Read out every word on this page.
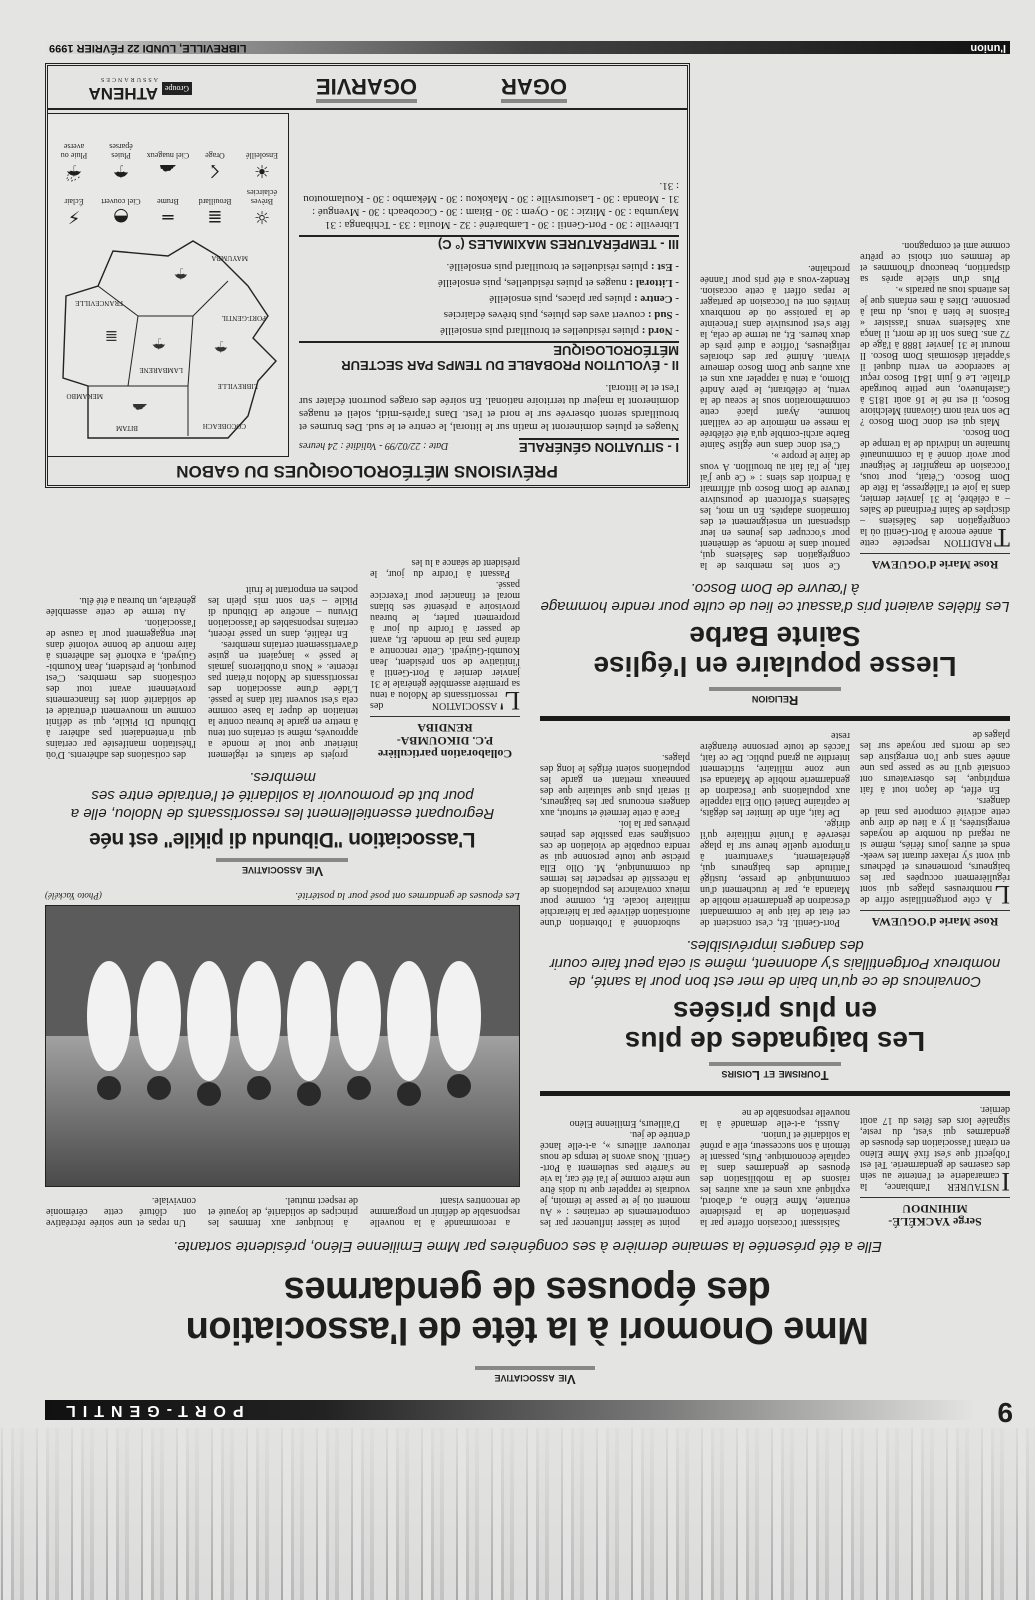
9
PORT-GENTIL
Vie associative
Mme Onomori à la tête de l'association
des épouses de gendarmes
Elle a été présentée la semaine dernière à ses congénères par Mme Emilienne Eléno, présidente sortante.
Serge YACKÉLÉ-MIHINDOU

INSTAURER l'ambiance, la camaraderie et l'entente au sein des casernes de gendarmerie. Tel est l'objectif que s'est fixé Mme Eléno en créant l'association des épouses de gendarmes qui s'est, du reste, signalée lors des fêtes du 17 août dernier.

Saisissant l'occasion offerte par la présentation de la présidente entrante, Mme Eléno a, d'abord, expliqué aux unes et aux autres les raisons de la mobilisation des épouses de gendarmes dans la capitale économique. Puis, passant le témoin à son successeur, elle a prôné la solidarité et l'union.

Aussi, a-t-elle demandé à la nouvelle responsable de ne

point se laisser influencer par les comportements de certaines : « Au moment où je te passe le témoin, je voudrais te rappeler que tu dois être une mère comme je l'ai été car, la vie ne s'arrête pas seulement à Port-Gentil. Nous avons le temps de nous retrouver ailleurs », a-t-elle lancé d'entrée de jeu.

D'ailleurs, Emilienne Eléno

Tourisme et Loisirs
Les baignades de plus
en plus prisées
Convaincus de ce qu'un bain de mer est bon pour la santé, de nombreux Portgentillais s'y adonnent, même si cela peut faire courir des dangers imprévisibles.
Rose Marie d'OGUEWA

LA côte portgentillaise offre de nombreuses plages qui sont régulièrement occupées par les baigneurs, promeneurs et pêcheurs qui vont s'y relaxer durant les week-ends et autres jours fériés, même si au regard du nombre de noyades enregistrées, il y a lieu de dire que cette activité comporte pas mal de dangers.

En effet, de façon tout à fait empirique, les observateurs ont constaté qu'il ne se passe pas une année sans que l'on enregistre des cas de morts par noyade sur les plages de

Port-Gentil. Et, c'est conscient de cet état de fait que le commandant d'escadron de gendarmerie mobile de Matanda a, par le truchement d'un communiqué de presse, fustigé l'attitude des baigneurs qui, généralement, s'aventurent à n'importe quelle heure sur la plage réservée à l'unité militaire qu'il dirige.

De fait, afin de limiter les dégâts, le capitaine Daniel Ollo Ella rappelle aux populations que l'escadron de gendarmerie mobile de Matanda est une zone militaire, strictement interdite au grand public. De ce fait, l'accès de toute personne étrangère reste

subordonné à l'obtention d'une autorisation délivrée par la hiérarchie militaire locale. Et, comme pour mieux convaincre les populations de la nécessité de respecter les termes du communiqué, M. Ollo Ella précise que toute personne qui se rendra coupable de violation de ces consignes sera passible des peines prévues par la loi.

Face à cette fermeté et surtout, aux dangers encourus par les baigneurs, il serait plus que salutaire que des panneaux mettant en garde les populations soient érigés le long des plages.

Religion
Liesse populaire en l'église
Sainte Barbe
Les fidèles avaient pris d'assaut ce lieu de culte pour rendre hommage à l'œuvre de Dom Bosco.
Rose Marie d'OGUEWA

TRADITION respectée cette année encore à Port-Gentil où la congrégation des Salésiens – disciples de Saint Ferdinand de Sales – a célébré, le 31 janvier dernier, dans la joie et l'allégresse, la fête de Dom Bosco. C'était, pour tous, l'occasion de magnifier le Seigneur pour avoir donné à la communauté humaine un individu de la trempe de Don Bosco.

Mais qui est donc Dom Bosco ? De son vrai nom Giovanni Melchiore Bosco, il est né le 16 août 1815 à Castelnuevo, une petite bourgade d'Italie. Le 6 juin 1841 Bosco reçut le sacerdoce en vertu duquel il s'appelait désormais Dom Bosco. Il mourut le 31 janvier 1888 à l'âge de 72 ans. Dans son lit de mort, il lança aux Salésiens venus l'assister « Faisons le bien à tous, du mal à personne. Dites à mes enfants que je les attends tous au paradis ».

Plus d'un siècle après sa disparition, beaucoup d'hommes et de femmes ont choisi ce prêtre comme ami et compagnon.

Ce sont les membres de la congrégation des Salésiens qui, partout dans le monde, se démènent pour s'occuper des jeunes en leur dispensant un enseignement et des formations adaptés. En un mot, les Salésiens s'efforcent de poursuivre l'œuvre de Dom Bosco qui affirmait à l'endroit des siens : « Ce que j'ai fait, je l'ai fait au brouillon. A vous de faire le propre ».

C'est donc dans une église Sainte Barbe archi-comble qu'a été célébrée la messe en mémoire de ce vaillant homme. Ayant placé cette commémoration sous le sceau de la vertu, le célébrant, le père André Diomo, a tenu à rappeler aux uns et aux autres que Dom Bosco demeure vivant. Animé par des chorales religieuses, l'office a duré près de deux heures. Et, au terme de cela, la fête s'est poursuivie dans l'enceinte de la paroisse où de nombreux invités ont eu l'occasion de partager le repas offert à cette occasion. Rendez-vous a été pris pour l'année prochaine.

a recommandé à la nouvelle responsable de définir un programme de rencontres visant

à inculquer aux femmes les principes de solidarité, de loyauté et de respect mutuel.

Un repas et une soirée récréative ont clôturé cette cérémonie conviviale.

Les épouses de gendarmes ont posé pour la postérité.
(Photo Yackélé)
Vie associative
L'association "Dibundu di pikile" est née
Regroupant essentiellement les ressortissants de Ndolou, elle a pour but de promouvoir la solidarité et l'entraide entre ses membres.
Collaboration particulière P.C. DIKOUMBA-RENDIBA

L'ASSOCIATION des ressortissants de Ndolou a tenu sa première assemblée générale le 31 janvier dernier à Port-Gentil à l'initiative de son président, Jean Koumbi-Guiyedi. Cette rencontre a drainé pas mal de monde. Et, avant de passer à l'ordre du jour à proprement parler, le bureau provisoire a présenté ses bilans moral et financier pour l'exercice passé.

Passant à l'ordre du jour, le président de séance a lu les

projets de statuts et règlement intérieur que tout le monde a approuvés, même si certains ont tenu à mettre en garde le bureau contre la tentation de duper la base comme cela s'est souvent fait dans le passé. L'idée d'une association des ressortissants de Ndolou n'étant pas récente. « Nous n'oublierons jamais le passé » lançaient en guise d'avertissement certains membres.

En réalité, dans un passé récent, certains responsables de l'association Divunu – ancêtre de Dibundu di Pikile – s'en sont mis plein les poches en emportant le fruit

des cotisations des adhérents. D'où l'hésitation manifestée par certains qui n'entendaient pas adhérer à Dibundu Di Pikile, qui se définit comme un mouvement d'entraide et de solidarité dont les financements proviennent avant tout des cotisations des membres. C'est pourquoi, le président, Jean Koumbi-Guiyedi, a exhorté les adhérents à faire montre de bonne volonté dans leur engagement pour la cause de l'association.

Au terme de cette assemblée générale, un bureau a été élu.

PRÉVISIONS MÉTÉOROLOGIQUES DU GABON
I - SITUATION GÉNÉRALE
Date : 22/02/99 - Validité : 24 heures
Nuages et pluies domineront le matin sur le littoral, le centre et le sud. Des brumes et brouillards seront observée sur le nord et l'est. Dans l'après-midi, soleil et nuages domineront la majeur du territoire national. En soirée des orages pourront éclater sur l'est et le littoral.
II - ÉVOLUTION PROBABLE DU TEMPS PAR SECTEUR MÉTÉOROLOGIQUE
- Nord : pluies résiduelles et brouillard puis ensoleillé
- Sud : couvert aves des pluies, puis brèves éclaircies
- Centre : pluies par places, puis ensoleillé
- Littoral : nuages et pluies résiduelles, puis ensoleillé
- Est : pluies résiduelles et brouillard puis ensoleillé.
III - TEMPÉRATURES MAXIMALES (° C)
Libreville : 30 - Port-Gentil : 30 - Lambaréné : 32 - Mouila : 33 - Tchibanga : 31 Mayumba : 30 - Mitzic : 30 - Oyem : 30 - Bitam : 30 - Cocobeach : 30 - Mvengué : 31 - Moanda : 30 - Lastoursville : 30 - Makokou : 30 - Mékambo : 30 - Koulamoutou : 31.
BITAM	COCOBEACH
MEKAMBO
LIBREVILLE
LAMBARENE
PORT-GENTIL
FRANCEVILLE
MAYUMBA
☁
☂
☂
≣
☂
☼
Brèves éclaircies
≣
Brouillard
═
Brume
◓
Ciel couvert
⚡
Éclair
☀
Ensoleillé
☇
Orage
☁
Ciel nuageux
☂
Pluies éparses
☔
Pluie ou averse
OGAR
OGARVIE
Groupe
ATHENA
ASSURANCES
l'union
LIBREVILLE, LUNDI 22 FÉVRIER 1999
